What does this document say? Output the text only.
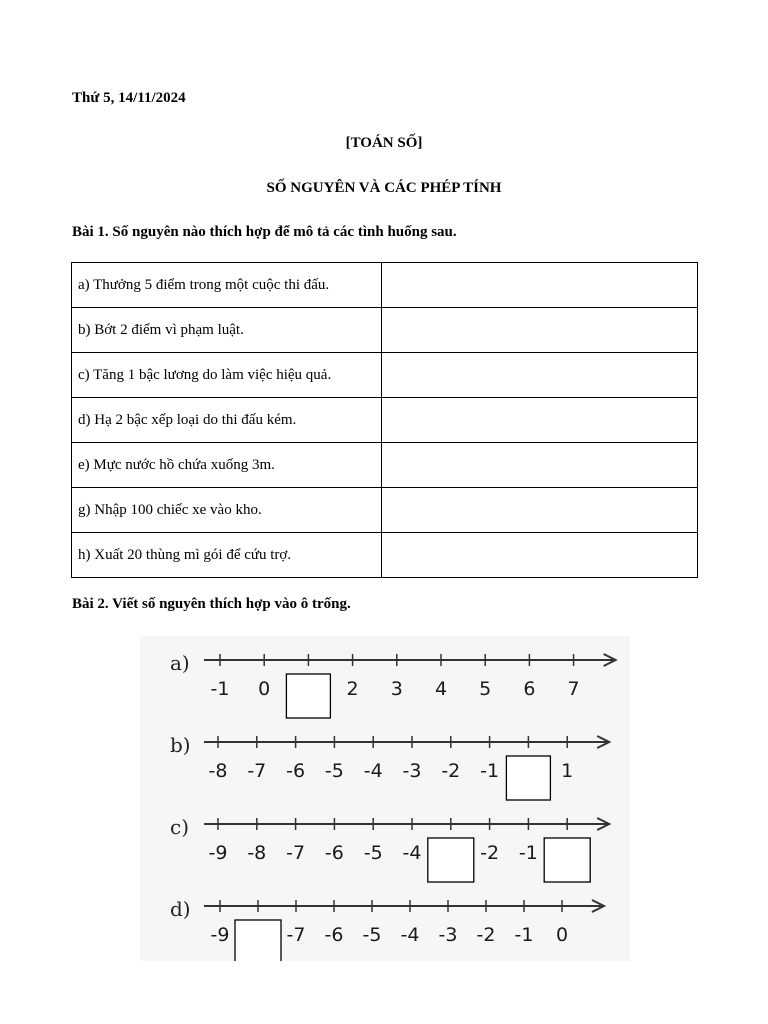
Thứ 5, 14/11/2024
[TOÁN SỐ]
SỐ NGUYÊN VÀ CÁC PHÉP TÍNH
Bài 1. Số nguyên nào thích hợp để mô tả các tình huống sau.
a) Thưởng 5 điểm trong một cuộc thi đấu.	
b) Bớt 2 điểm vì phạm luật.	
c) Tăng 1 bậc lương do làm việc hiệu quả.	
d) Hạ 2 bậc xếp loại do thi đấu kém.	
e) Mực nước hồ chứa xuống 3m.	
g) Nhập 100 chiếc xe vào kho.	
h) Xuất 20 thùng mì gói để cứu trợ.	
Bài 2. Viết số nguyên thích hợp vào ô trống.
a)
-1 0	2 3 4 5 6 7
b)
-8 -7 -6 -5 -4 -3 -2 -1	1
c)
-9 -8 -7 -6 -5 -4	-2 -1
d)
-9	-7 -6 -5 -4 -3 -2 -1 0
